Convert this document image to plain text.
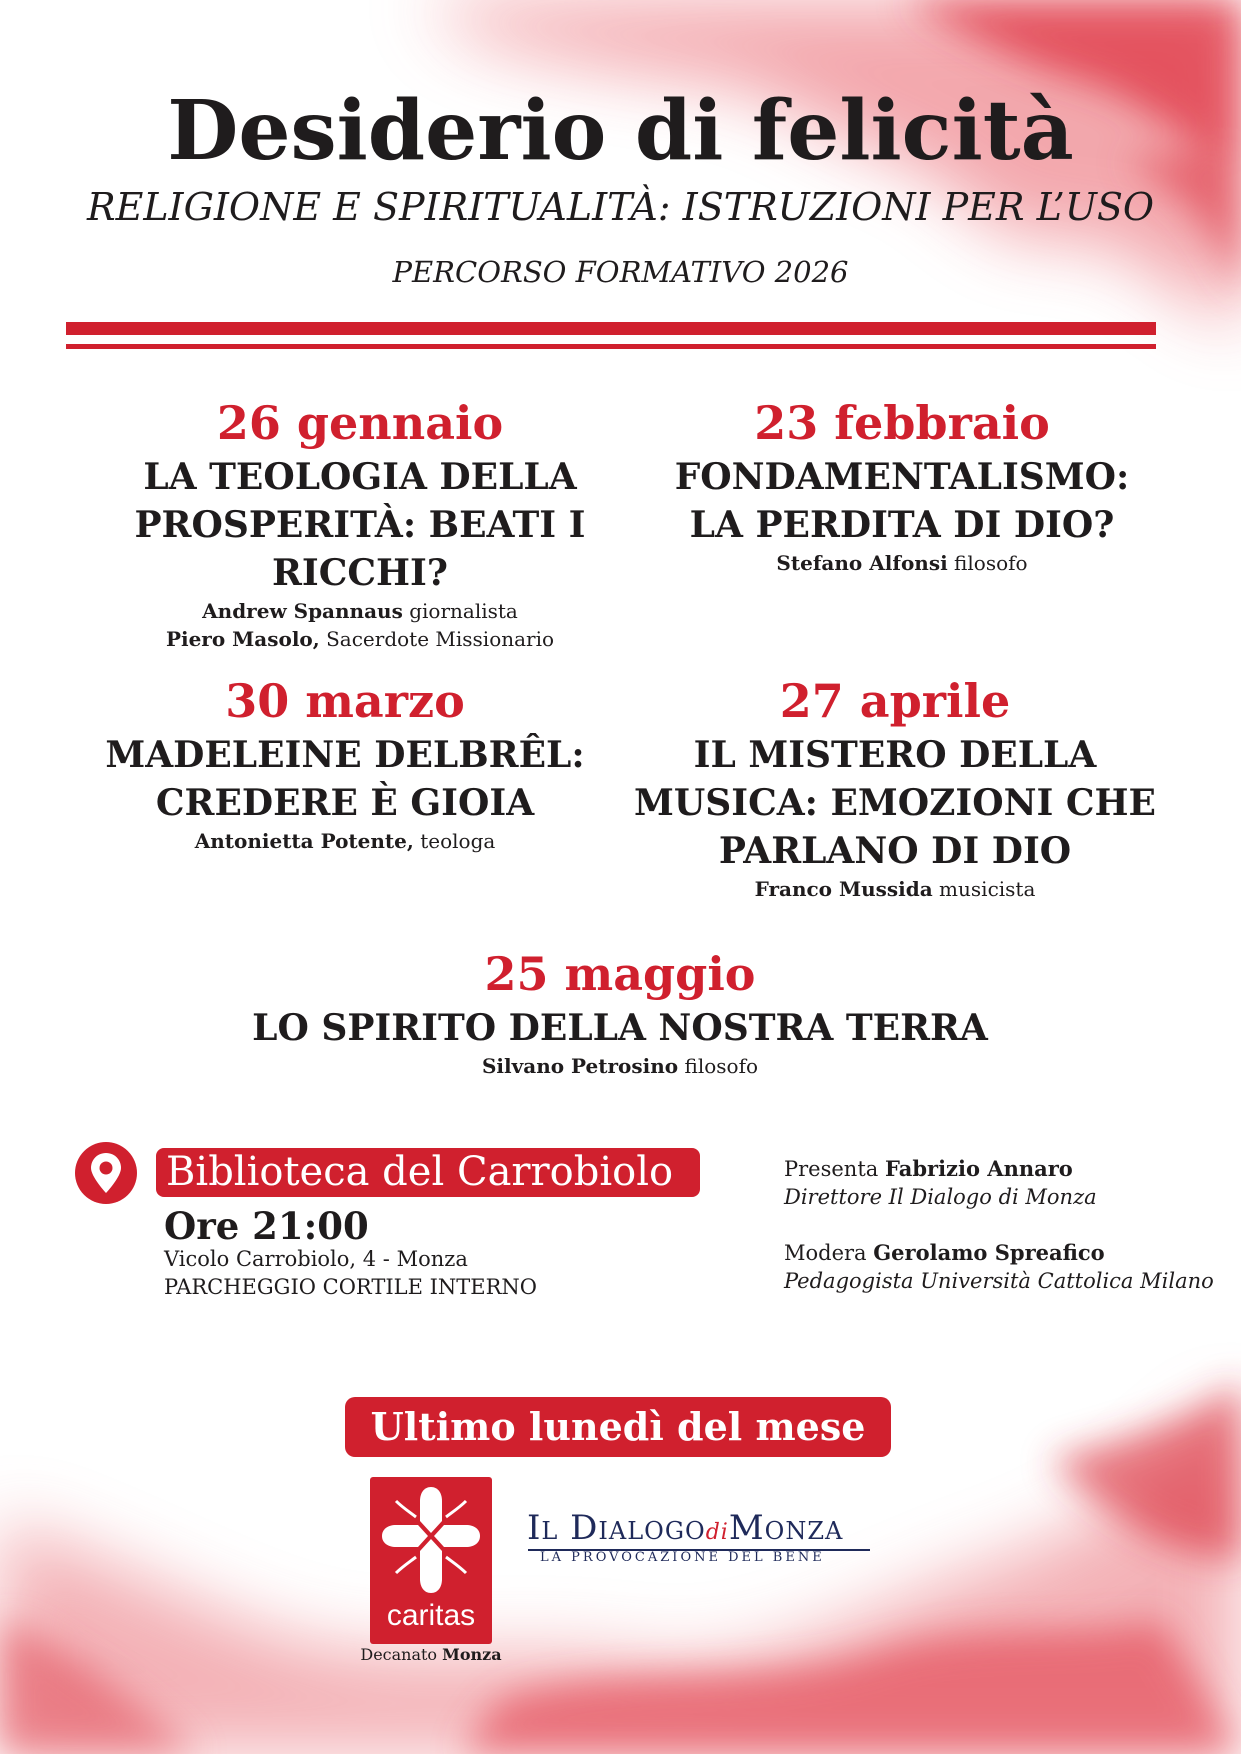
Desiderio di felicità
RELIGIONE E SPIRITUALITÀ: ISTRUZIONI PER L’USO
PERCORSO FORMATIVO 2026
26 gennaio
LA TEOLOGIA DELLA
PROSPERITÀ: BEATI I RICCHI?
Andrew Spannaus giornalista
Piero Masolo, Sacerdote Missionario
23 febbraio
FONDAMENTALISMO:
LA PERDITA DI DIO?
Stefano Alfonsi filosofo
30 marzo
MADELEINE DELBRÊL:
CREDERE È GIOIA
Antonietta Potente, teologa
27 aprile
IL MISTERO DELLA
MUSICA: EMOZIONI CHE
PARLANO DI DIO
Franco Mussida musicista
25 maggio
LO SPIRITO DELLA NOSTRA TERRA
Silvano Petrosino filosofo
Biblioteca del Carrobiolo
Ore 21:00
Vicolo Carrobiolo, 4 - Monza
PARCHEGGIO CORTILE INTERNO
Presenta Fabrizio Annaro
Direttore Il Dialogo di Monza
Modera Gerolamo Spreafico
Pedagogista Università Cattolica Milano
Ultimo lunedì del mese
caritas
Decanato Monza
Il DialogodiMonza
LA PROVOCAZIONE DEL BENE
